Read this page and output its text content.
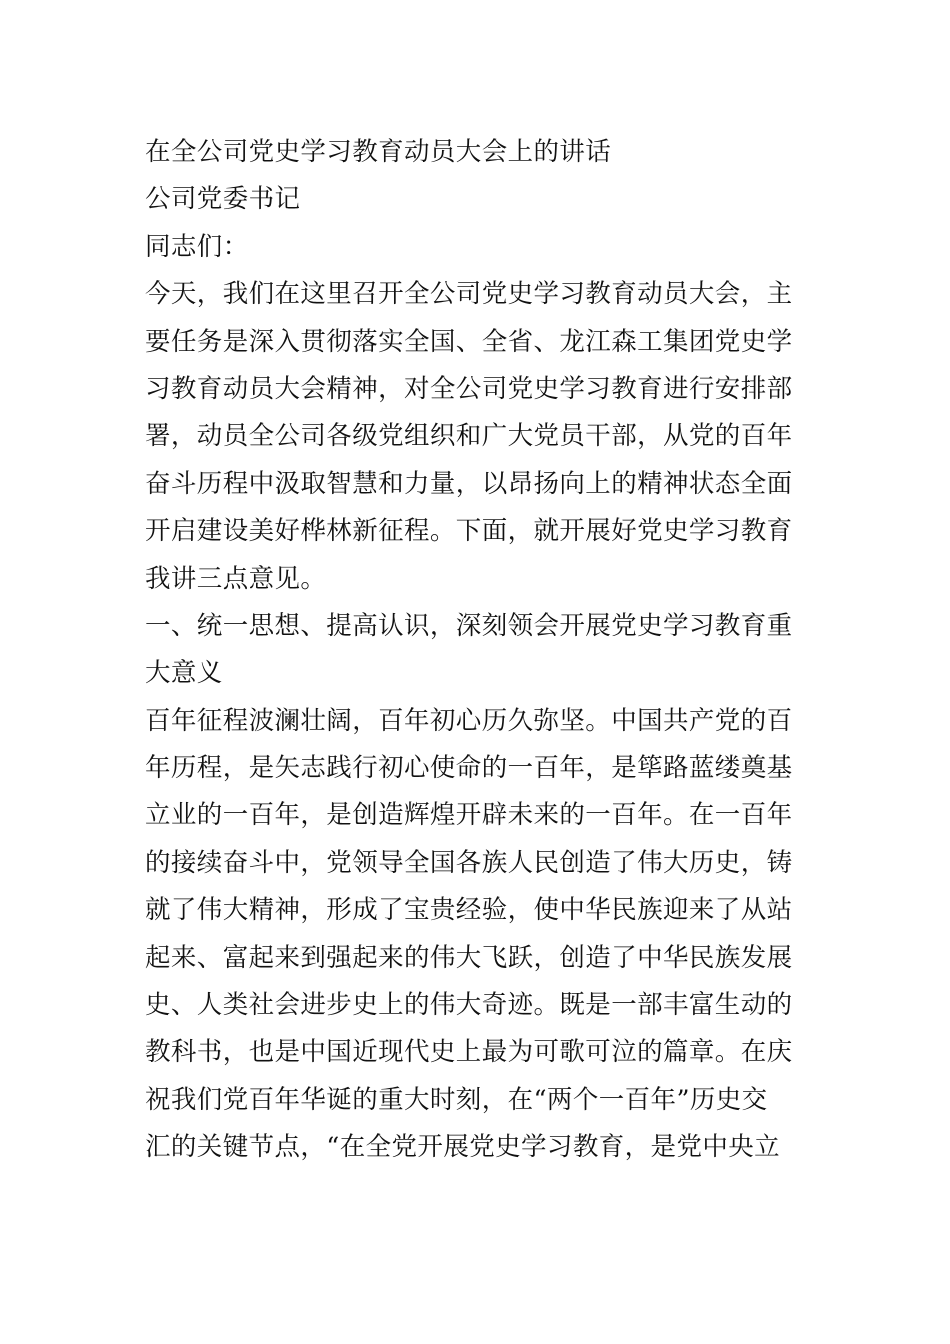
在全公司党史学习教育动员大会上的讲话

公司党委书记

同志们：

今天，我们在这里召开全公司党史学习教育动员大会，主

要任务是深入贯彻落实全国、全省、龙江森工集团党史学

习教育动员大会精神，对全公司党史学习教育进行安排部

署，动员全公司各级党组织和广大党员干部，从党的百年

奋斗历程中汲取智慧和力量，以昂扬向上的精神状态全面

开启建设美好桦林新征程。下面，就开展好党史学习教育

我讲三点意见。

一、统一思想、提高认识，深刻领会开展党史学习教育重

大意义

百年征程波澜壮阔，百年初心历久弥坚。中国共产党的百

年历程，是矢志践行初心使命的一百年，是筚路蓝缕奠基

立业的一百年，是创造辉煌开辟未来的一百年。在一百年

的接续奋斗中，党领导全国各族人民创造了伟大历史，铸

就了伟大精神，形成了宝贵经验，使中华民族迎来了从站

起来、富起来到强起来的伟大飞跃，创造了中华民族发展

史、人类社会进步史上的伟大奇迹。既是一部丰富生动的

教科书，也是中国近现代史上最为可歌可泣的篇章。在庆

祝我们党百年华诞的重大时刻，在“两个一百年”历史交

汇的关键节点，“在全党开展党史学习教育，是党中央立
